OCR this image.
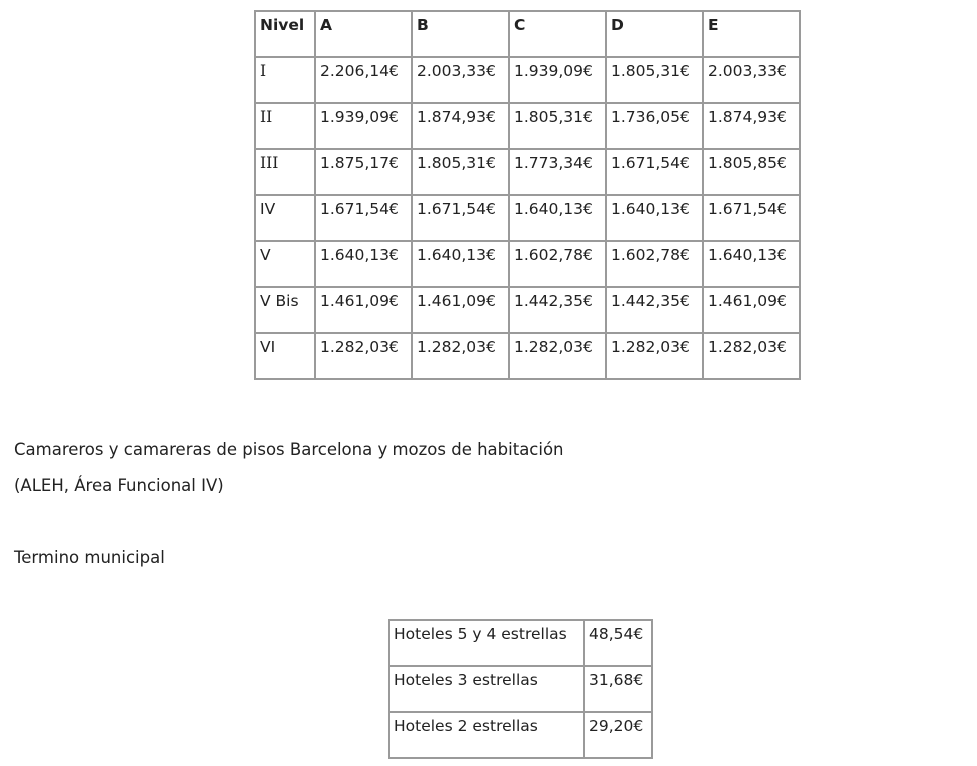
Nivel	A	B	C	D	E
I	2.206,14€	2.003,33€	1.939,09€	1.805,31€	2.003,33€
II	1.939,09€	1.874,93€	1.805,31€	1.736,05€	1.874,93€
III	1.875,17€	1.805,31€	1.773,34€	1.671,54€	1.805,85€
IV	1.671,54€	1.671,54€	1.640,13€	1.640,13€	1.671,54€
V	1.640,13€	1.640,13€	1.602,78€	1.602,78€	1.640,13€
V Bis	1.461,09€	1.461,09€	1.442,35€	1.442,35€	1.461,09€
VI	1.282,03€	1.282,03€	1.282,03€	1.282,03€	1.282,03€

Camareros y camareras de pisos Barcelona y mozos de habitación

(ALEH, Área Funcional IV)

Termino municipal

Hoteles 5 y 4 estrellas	48,54€
Hoteles 3 estrellas	31,68€
Hoteles 2 estrellas	29,20€
